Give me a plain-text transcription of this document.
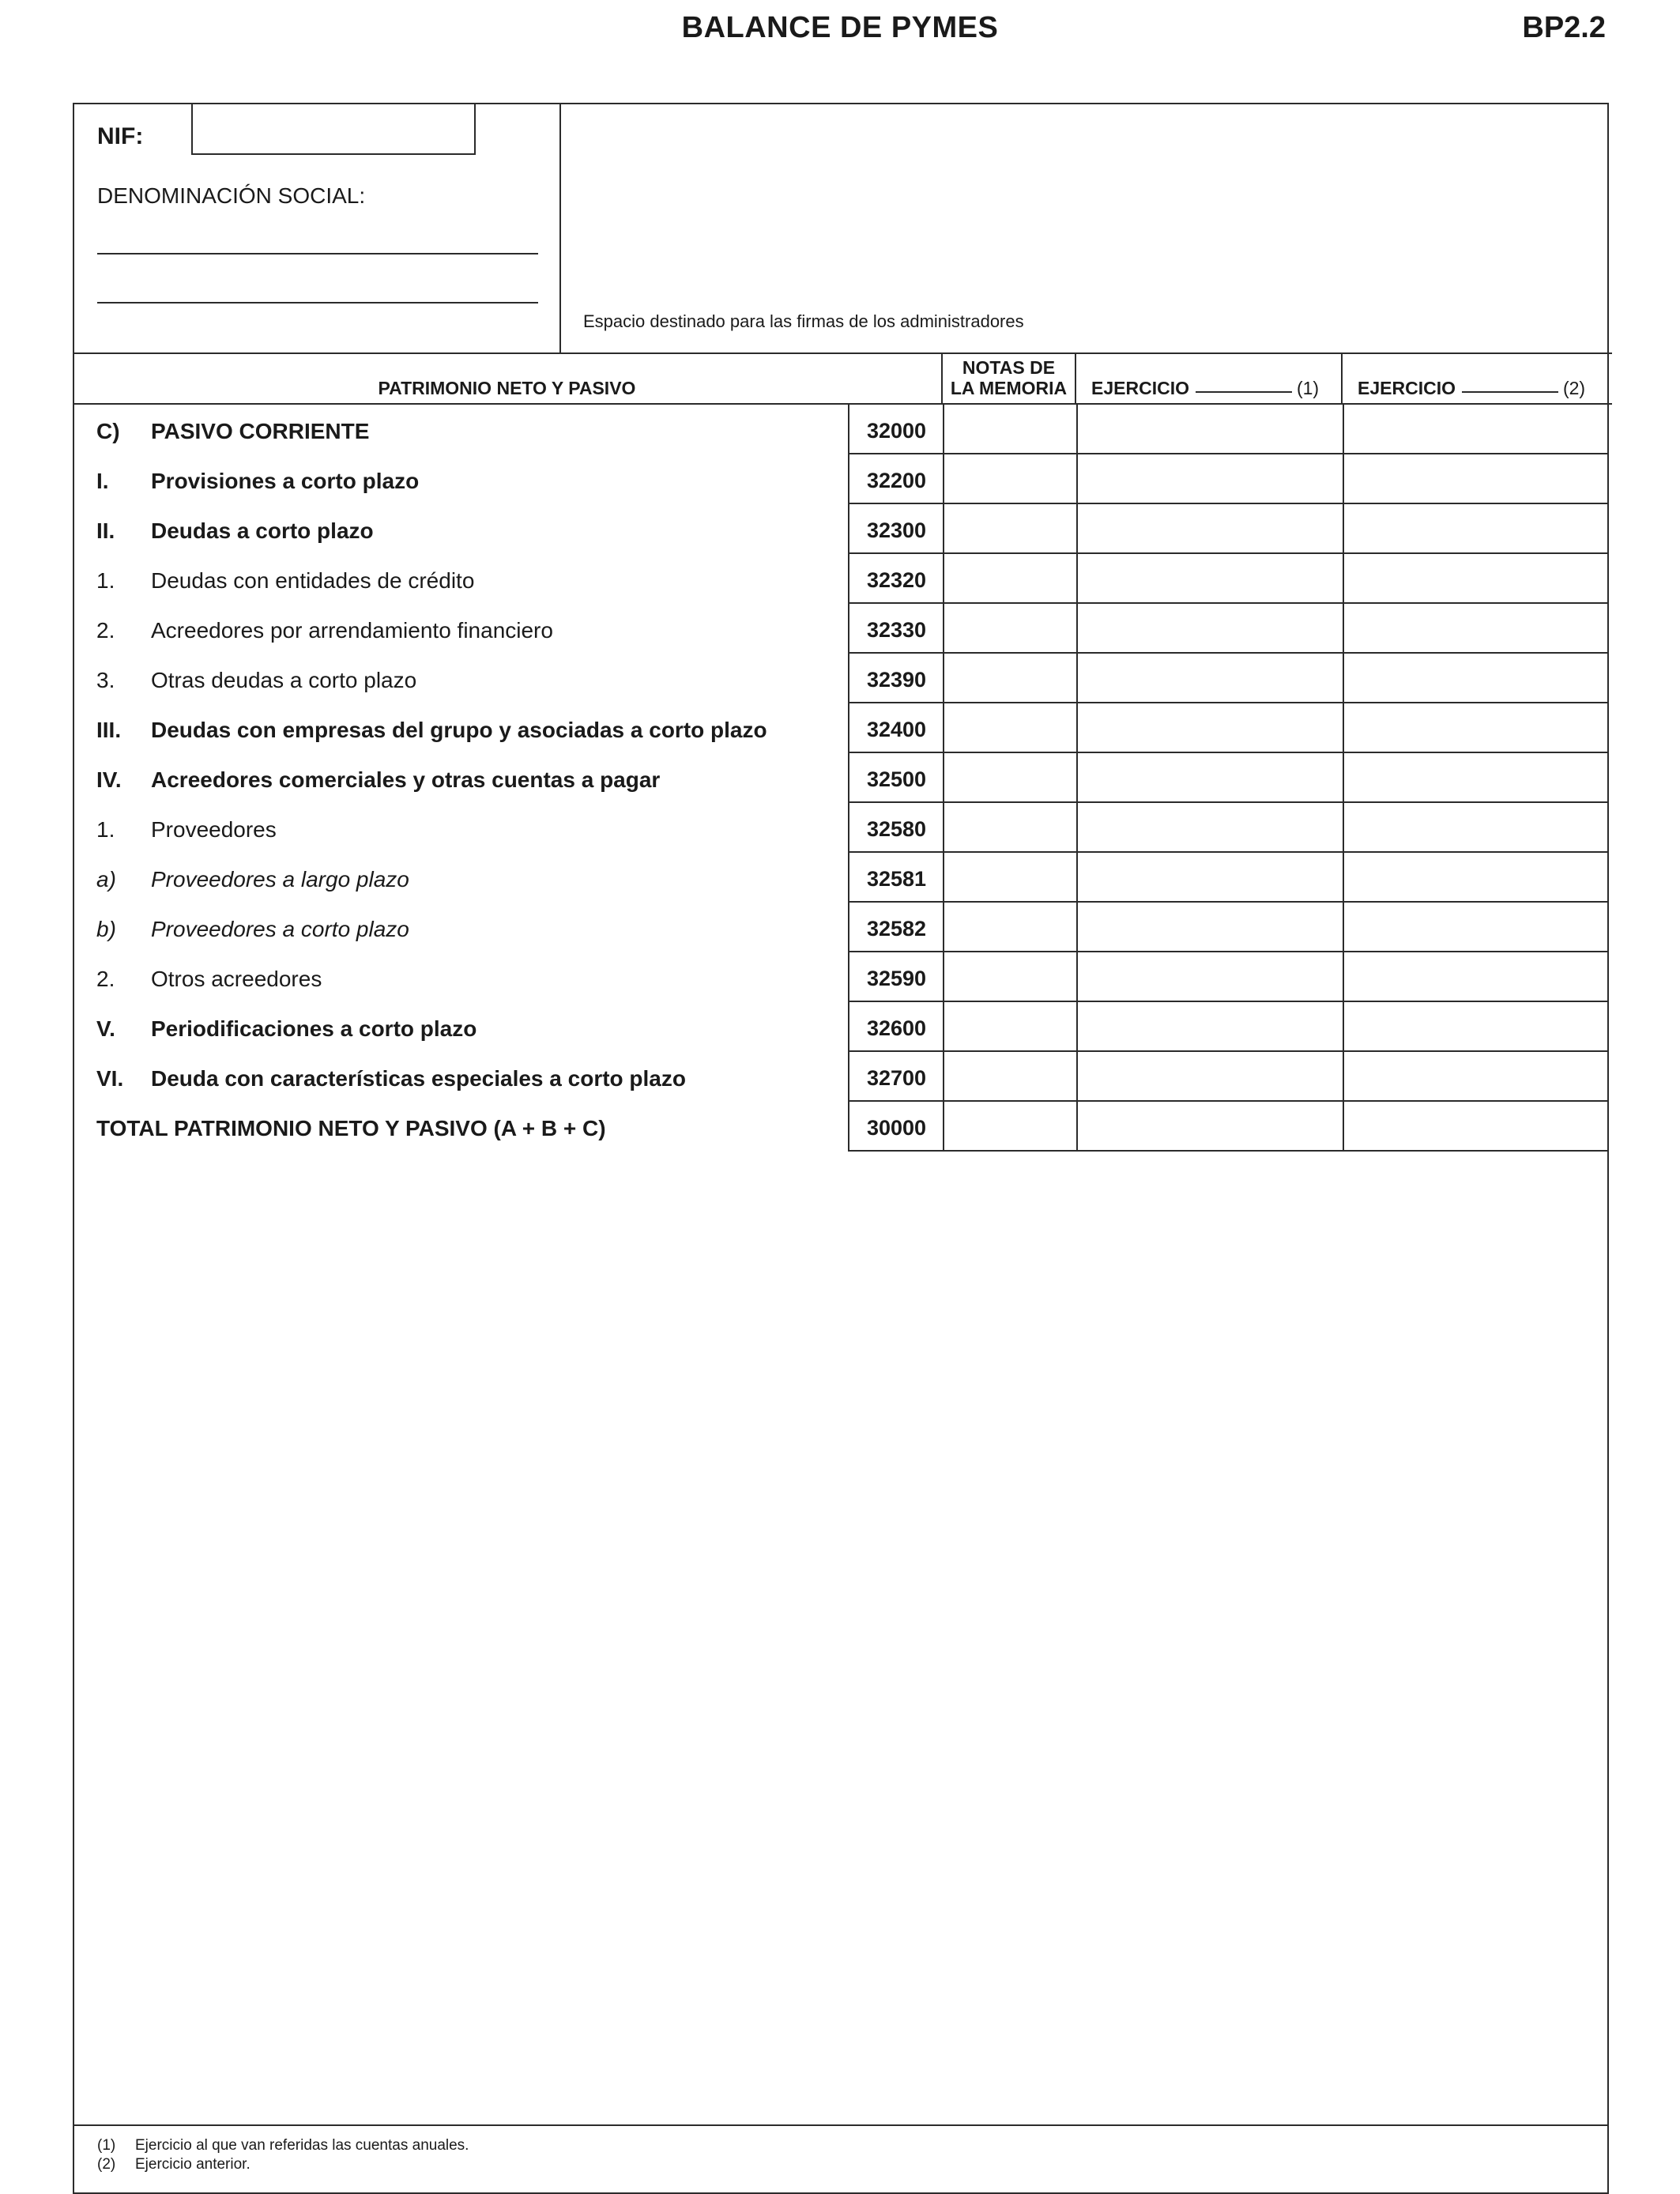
BALANCE DE PYMES	BP2.2
NIF:
DENOMINACIÓN SOCIAL:
Espacio destinado para las firmas de los administradores
PATRIMONIO NETO Y PASIVO
NOTAS DE
LA MEMORIA	EJERCICIO	(1)	EJERCICIO	(2)
C) PASIVO CORRIENTE . . .	32000
I. Provisiones a corto plazo . . .	32200
II. Deudas a corto plazo . . .	32300
1. Deudas con entidades de crédito . . .	32320
2. Acreedores por arrendamiento financiero . . .	32330
3. Otras deudas a corto plazo . . .	32390
III. Deudas con empresas del grupo y asociadas a corto plazo . . .	32400
IV. Acreedores comerciales y otras cuentas a pagar . . .	32500
1. Proveedores . . .	32580
a) Proveedores a largo plazo . . .	32581
b) Proveedores a corto plazo . . .	32582
2. Otros acreedores . . .	32590
V. Periodificaciones a corto plazo . . .	32600
VI. Deuda con características especiales a corto plazo . . .	32700
TOTAL PATRIMONIO NETO Y PASIVO (A + B + C) . . .	30000
(1) Ejercicio al que van referidas las cuentas anuales.
(2) Ejercicio anterior.
